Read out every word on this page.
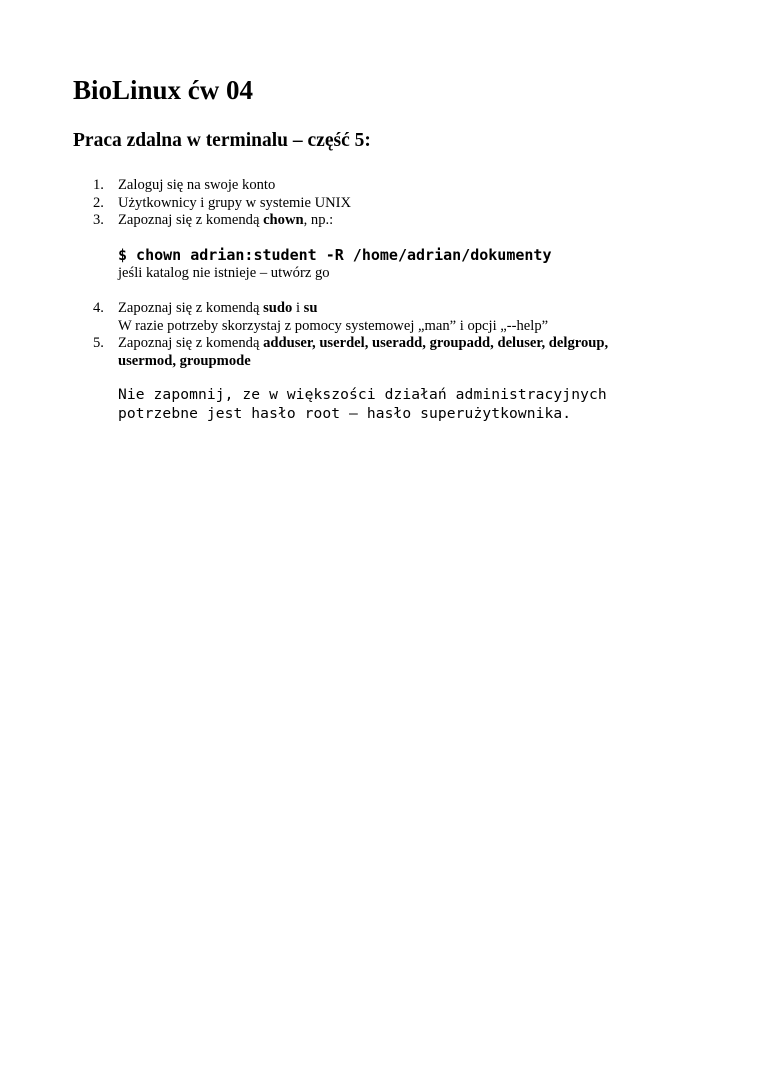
BioLinux ćw 04
Praca zdalna w terminalu – część 5:
1. Zaloguj się na swoje konto
2. Użytkownicy i grupy w systemie UNIX
3. Zapoznaj się z komendą chown, np.:
$ chown adrian:student -R /home/adrian/dokumenty
jeśli katalog nie istnieje – utwórz go
4. Zapoznaj się z komendą sudo i su
W razie potrzeby skorzystaj z pomocy systemowej „man” i opcji „--help”
5. Zapoznaj się z komendą adduser, userdel, useradd, groupadd, deluser, delgroup,
usermod, groupmode
Nie zapomnij, ze w większości działań administracyjnych
potrzebne jest hasło root – hasło superużytkownika.
